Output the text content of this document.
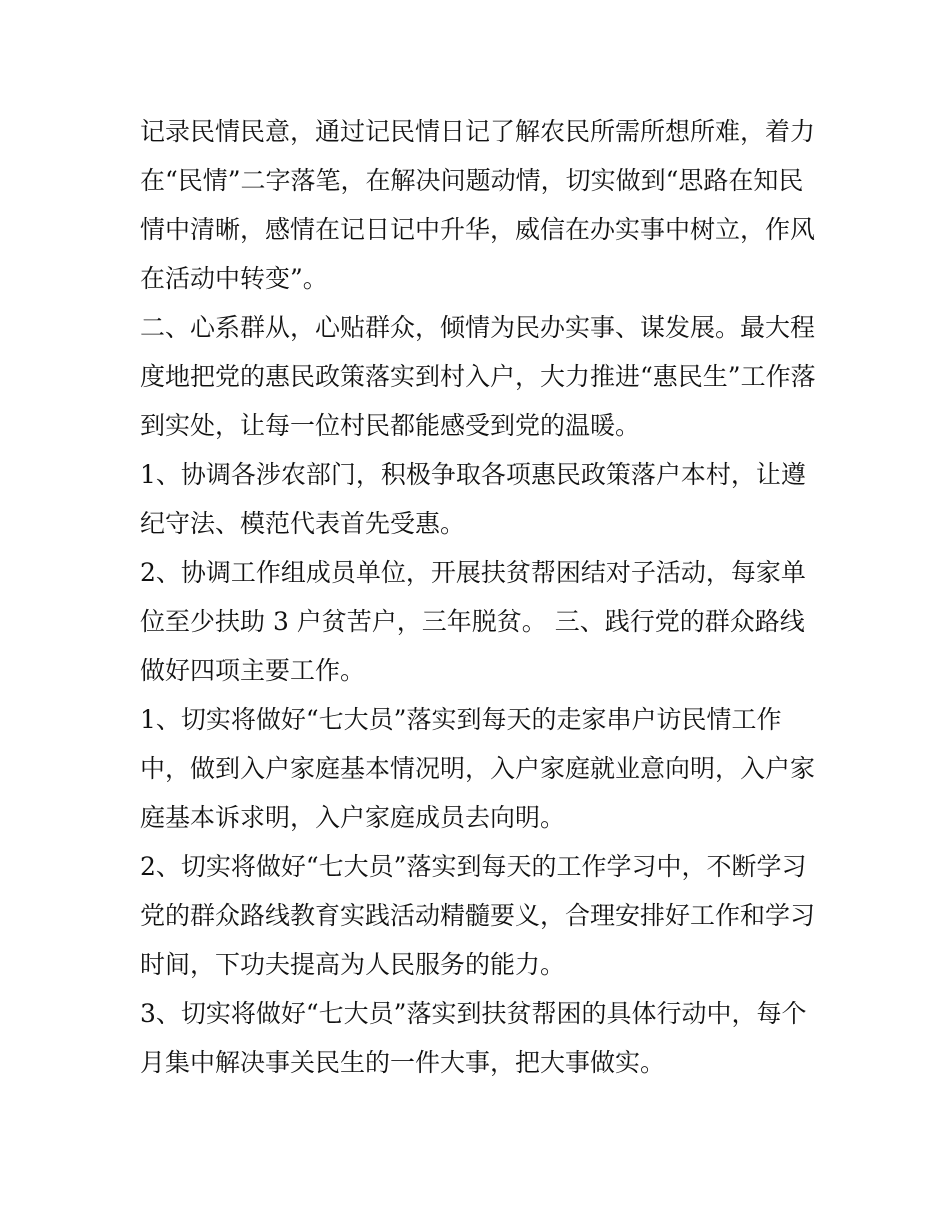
记录民情民意，通过记民情日记了解农民所需所想所难，着力
在“民情”二字落笔，在解决问题动情，切实做到“思路在知民
情中清晰，感情在记日记中升华，威信在办实事中树立，作风
在活动中转变”。
二、心系群从，心贴群众，倾情为民办实事、谋发展。最大程
度地把党的惠民政策落实到村入户，大力推进“惠民生”工作落
到实处，让每一位村民都能感受到党的温暖。
1、协调各涉农部门，积极争取各项惠民政策落户本村，让遵
纪守法、模范代表首先受惠。
2、协调工作组成员单位，开展扶贫帮困结对子活动，每家单
位至少扶助 3 户贫苦户，三年脱贫。 三、践行党的群众路线
做好四项主要工作。
1、切实将做好“七大员”落实到每天的走家串户访民情工作
中，做到入户家庭基本情况明，入户家庭就业意向明，入户家
庭基本诉求明，入户家庭成员去向明。
2、切实将做好“七大员”落实到每天的工作学习中，不断学习
党的群众路线教育实践活动精髓要义，合理安排好工作和学习
时间，下功夫提高为人民服务的能力。
3、切实将做好“七大员”落实到扶贫帮困的具体行动中，每个
月集中解决事关民生的一件大事，把大事做实。
